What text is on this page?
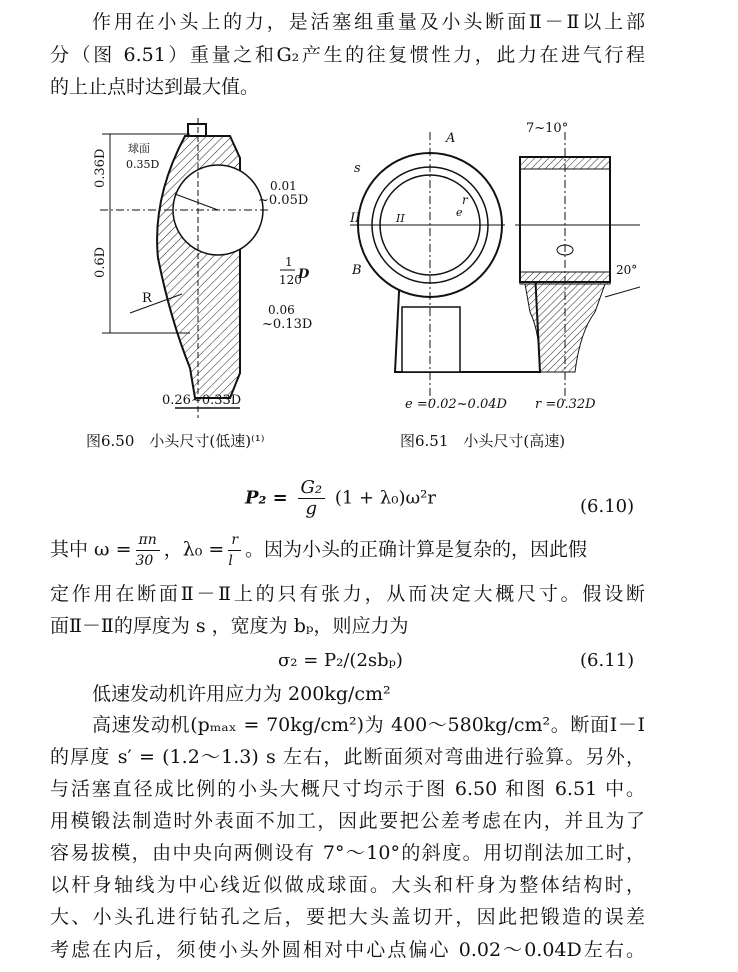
作用在小头上的力，是活塞组重量及小头断面Ⅱ－Ⅱ以上部
分（图 6.51）重量之和G₂产生的往复惯性力，此力在进气行程
的上止点时达到最大值。
0.36D
0.6D
球面
0.35D
0.01
~0.05D
1
120
D
R
0.06
~0.13D
0.26~0.33D
A
s
7~10°
II	II
r
e
B	20°
e =0.02~0.04D r =0.32D
图6.50　小头尺寸(低速)⁽¹⁾	图6.51　小头尺寸(高速)
$P_2 = \frac{\text{G₂}}{g} (1 + \lambda_0)\omega^2r$	(6.10)
其中 $\omega = \frac{\pi n}{30}$ ，$\lambda_0 = \frac{r}{l}$ 。因为小头的正确计算是复杂的，因此假
定作用在断面Ⅱ－Ⅱ上的只有张力，从而决定大概尺寸。假设断
面Ⅱ－Ⅱ的厚度为 s ，宽度为 bₚ，则应力为
σ₂ = P₂/(2sbₚ)	(6.11)
低速发动机许用应力为 200kg/cm²
高速发动机(pₘₐₓ = 70kg/cm²)为 400～580kg/cm²。断面Ⅰ－Ⅰ
的厚度 s′ = (1.2～1.3) s 左右，此断面须对弯曲进行验算。另外，
与活塞直径成比例的小头大概尺寸均示于图 6.50 和图 6.51 中。
用模锻法制造时外表面不加工，因此要把公差考虑在内，并且为了
容易拔模，由中央向两侧设有 7°～10°的斜度。用切削法加工时，
以杆身轴线为中心线近似做成球面。大头和杆身为整体结构时，
大、小头孔进行钻孔之后，要把大头盖切开，因此把锻造的误差
考虑在内后，须使小头外圆相对中心点偏心 0.02～0.04D左右。
